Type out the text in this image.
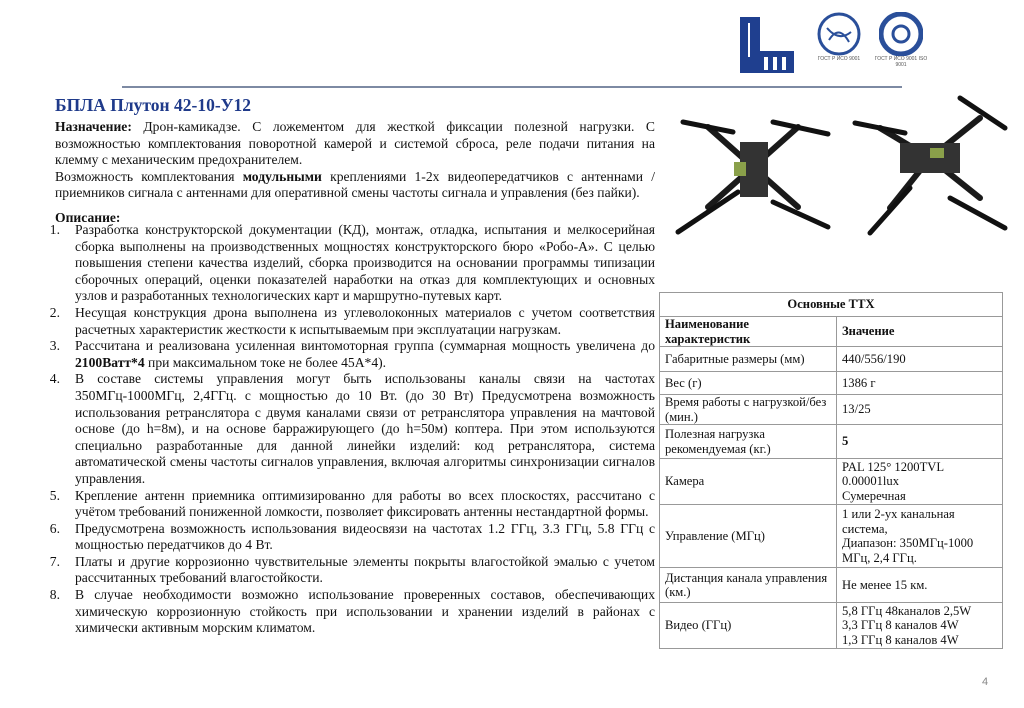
ГОСТ Р ИСО 9001	ГОСТ Р ИСО 9001 ISO 9001
БПЛА Плутон 42-10-У12

Назначение: Дрон-камикадзе. С ложементом для жесткой фиксации полезной нагрузки. С возможностью комплектования поворотной камерой и системой сброса, реле подачи питания на клемму с механическим предохранителем.

Возможность комплектования модульными креплениями 1-2х видеопередатчиков с антеннами / приемников сигнала с антеннами для оперативной смены частоты сигнала и управления (без пайки).

Описание:
1. Разработка конструкторской документации (КД), монтаж, отладка, испытания и мелкосерийная сборка выполнены на производственных мощностях конструкторского бюро «Робо-А». С целью повышения степени качества изделий, сборка производится на основании программы типизации сборочных операций, оценки показателей наработки на отказ для комплектующих и основных узлов и разработанных технологических карт и маршрутно-путевых карт.
2. Несущая конструкция дрона выполнена из углеволоконных материалов с учетом соответствия расчетных характеристик жесткости к испытываемым при эксплуатации нагрузкам.
3. Рассчитана и реализована усиленная винтомоторная группа (суммарная мощность увеличена до 2100Ватт*4 при максимальном токе не более 45А*4).
4. В составе системы управления могут быть использованы каналы связи на частотах 350МГц-1000МГц, 2,4ГГц. с мощностью до 10 Вт. (до 30 Вт) Предусмотрена возможность использования ретранслятора с двумя каналами связи от ретранслятора управления на мачтовой основе (до h=8м), и на основе барражирующего (до h=50м) коптера. При этом используются специально разработанные для данной линейки изделий: код ретранслятора, система автоматической смены частоты сигналов управления, включая алгоритмы синхронизации сигналов управления.
5. Крепление антенн приемника оптимизированно для работы во всех плоскостях, рассчитано с учётом требований пониженной ломкости, позволяет фиксировать антенны нестандартной формы.
6. Предусмотрена возможность использования видеосвязи на частотах 1.2 ГГц, 3.3 ГГц, 5.8 ГГц с мощностью передатчиков до 4 Вт.
7. Платы и другие коррозионно чувствительные элементы покрыты влагостойкой эмалью с учетом рассчитанных требований влагостойкости.
8. В случае необходимости возможно использование проверенных составов, обеспечивающих химическую коррозионную стойкость при использовании и хранении изделий в районах с химически активным морским климатом.
Основные ТТХ	
Наименование характеристик	Значение
Габаритные размеры (мм)	440/556/190

Вес (г)	1386 г

Время работы с нагрузкой/без (мин.)	13/25

Полезная нагрузка рекомендуемая (кг.)	5

Камера	PAL 125° 1200TVL
0.00001lux
Сумеречная

Управление (МГц)	1 или 2-ух канальная система,
Диапазон: 350МГц-1000 МГц, 2,4 ГГц.

Дистанция канала управления (км.)	Не менее 15 км.

Видео (ГГц)	5,8 ГГц 48каналов 2,5W
3,3 ГГц 8 каналов 4W
1,3 ГГц 8 каналов 4W
4
